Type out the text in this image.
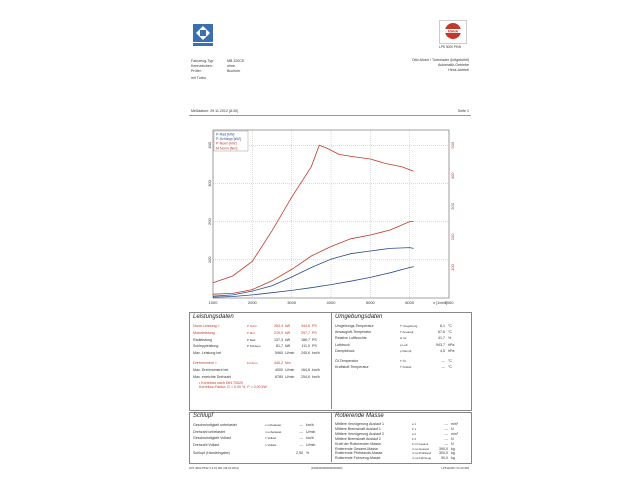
MAHA
LPS 3000 PKW
Fahrzeug-Typ:	MB 320CE
Kennzeichen:	ohne
Prüfer:	Buchner
mit Turbo
Otto-Motor / Turbolader (luftgekühlt)
Automatik-Getriebe
Heck-Antrieb
Meßdatum: 29.11.2012 (8:30)	Seite 1
1000	2000	3000	4000	5000	6000	7000
n [1/min]
100
200
300
400
100
200
300
400
500
P-Rad [kW]
P-Schlepp [kW]
P-Norm [kW]
M Norm [Nm]
Leistungsdaten	Umgebungsdaten
• Korrektur nach DIN 70020
Korrektur-Faktor: G = 0,00 %, P = 0,00 kW
Schlupf	Rotierende Masse
LPS 3000 PKW V.3.01.001 (06.10.2011)	(1000000000000000000)	LPS EURO V1.20.903
Norm-Leistung =	P Norm	253,4 kW	344,6 PS
Motorleistung	P Mot	219,0 kW	297,7 PS
Radleistung	P Rad	137,3 kW	186,7 PS
Schleppleistung	P Schlepp	81,7 kW	111,0 PS
Max. Leistung bei	5960 U/min	245,6 km/h
Drehmoment =	M Norm	445,2 Nm
Max. Drehmoment bei	4000 U/min	164,6 km/h
Max. erreichte Drehzahl	6780 U/min	254,6 km/h
Umgebungs-Temperatur	T Umgebung	8,1 °C
Ansaugluft-Temperatur	T Ansaugl	67,6 °C
Relative Luftfeuchte	H rel	41,7 %
Luftdruck	p Luft	943,7 hPa
Dampfdruck	p Dampf	4,5 hPa
Öl-Temperatur	T Öl	--- °C
Kraftstoff-Temperatur	T Kraftst	--- °C
Geschwindigkeit unbelastet	v unbelastet	--- km/h
Drehzahl unbelastet	n unbelastet	--- U/min
Geschwindigkeit Vollast	v Vollast	--- km/h
Drehzahl Vollast	n Vollast	--- U/min
Schlupf (Handeingabe)	2,50 %
Mittlere Verzögerung Auslauf 1	a 1	--- m/s²
Mittlere Bremskraft Auslauf 1	F 1	--- N
Mittlere Verzögerung Auslauf 2	a 2	--- m/s²
Mittlere Bremskraft Auslauf 2	F 2	--- N
Kraft der Rotierenden Masse	F rot Gesamt	--- N
Rotierende Gesamt-Masse	m rot Gesamt	390,0 kg
Rotierende Prüfstands-Masse	m rot Prüfstand	300,0 kg
Rotierende Fahrzeug-Masse	m rot Fahrzeug	90,0 kg
